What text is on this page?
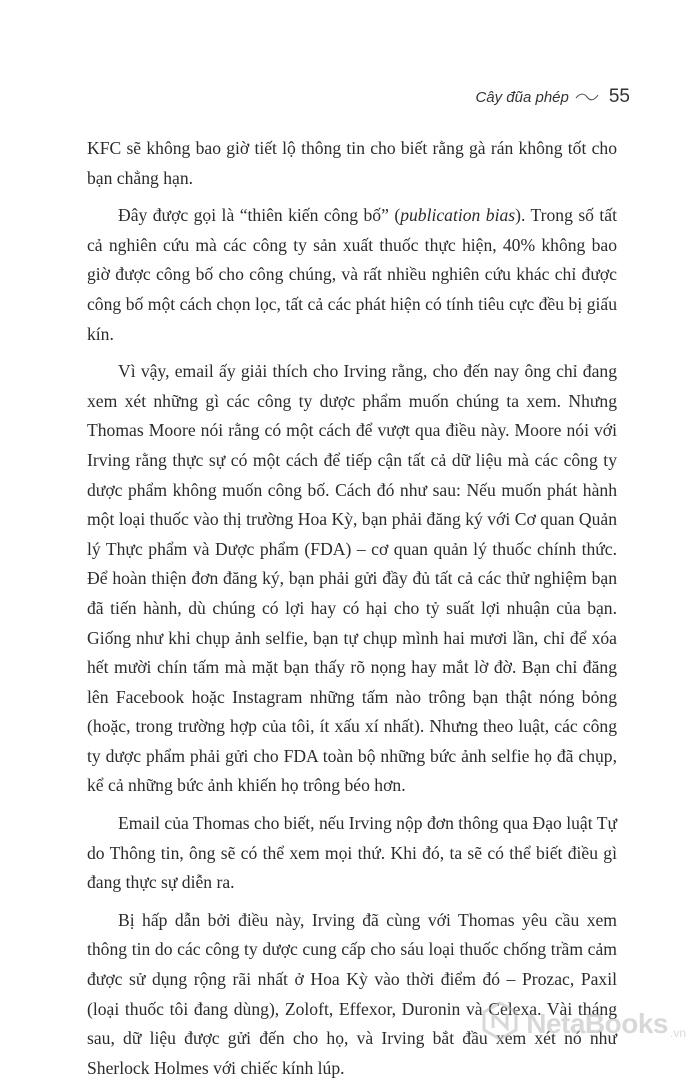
Cây đũa phép 55

KFC sẽ không bao giờ tiết lộ thông tin cho biết rằng gà rán không tốt cho bạn chẳng hạn.

Đây được gọi là “thiên kiến công bố” (publication bias). Trong số tất cả nghiên cứu mà các công ty sản xuất thuốc thực hiện, 40% không bao giờ được công bố cho công chúng, và rất nhiều nghiên cứu khác chỉ được công bố một cách chọn lọc, tất cả các phát hiện có tính tiêu cực đều bị giấu kín.

Vì vậy, email ấy giải thích cho Irving rằng, cho đến nay ông chỉ đang xem xét những gì các công ty dược phẩm muốn chúng ta xem. Nhưng Thomas Moore nói rằng có một cách để vượt qua điều này. Moore nói với Irving rằng thực sự có một cách để tiếp cận tất cả dữ liệu mà các công ty dược phẩm không muốn công bố. Cách đó như sau: Nếu muốn phát hành một loại thuốc vào thị trường Hoa Kỳ, bạn phải đăng ký với Cơ quan Quản lý Thực phẩm và Dược phẩm (FDA) – cơ quan quản lý thuốc chính thức. Để hoàn thiện đơn đăng ký, bạn phải gửi đầy đủ tất cả các thử nghiệm bạn đã tiến hành, dù chúng có lợi hay có hại cho tỷ suất lợi nhuận của bạn. Giống như khi chụp ảnh selfie, bạn tự chụp mình hai mươi lần, chỉ để xóa hết mười chín tấm mà mặt bạn thấy rõ nọng hay mắt lờ đờ. Bạn chỉ đăng lên Facebook hoặc Instagram những tấm nào trông bạn thật nóng bỏng (hoặc, trong trường hợp của tôi, ít xấu xí nhất). Nhưng theo luật, các công ty dược phẩm phải gửi cho FDA toàn bộ những bức ảnh selfie họ đã chụp, kể cả những bức ảnh khiến họ trông béo hơn.

Email của Thomas cho biết, nếu Irving nộp đơn thông qua Đạo luật Tự do Thông tin, ông sẽ có thể xem mọi thứ. Khi đó, ta sẽ có thể biết điều gì đang thực sự diễn ra.

Bị hấp dẫn bởi điều này, Irving đã cùng với Thomas yêu cầu xem thông tin do các công ty dược cung cấp cho sáu loại thuốc chống trầm cảm được sử dụng rộng rãi nhất ở Hoa Kỳ vào thời điểm đó – Prozac, Paxil (loại thuốc tôi đang dùng), Zoloft, Effexor, Duronin và Celexa. Vài tháng sau, dữ liệu được gửi đến cho họ, và Irving bắt đầu xem xét nó như Sherlock Holmes với chiếc kính lúp.

NetaBooks .vn
